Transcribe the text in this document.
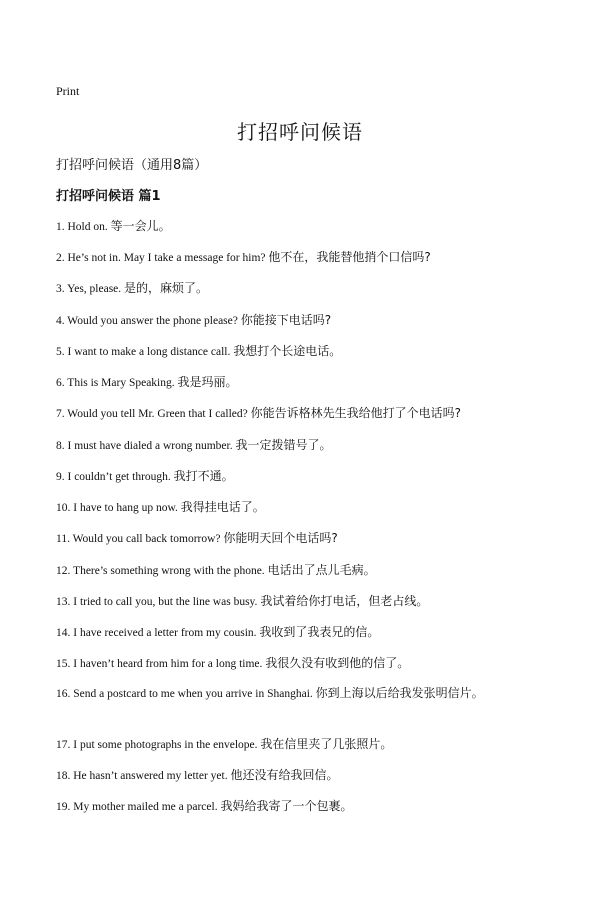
Print
打招呼问候语
打招呼问候语（通用8篇）
打招呼问候语 篇1
1. Hold on. 等一会儿。
2. He’s not in. May I take a message for him? 他不在，我能替他捎个口信吗?
3. Yes, please. 是的，麻烦了。
4. Would you answer the phone please? 你能接下电话吗?
5. I want to make a long distance call. 我想打个长途电话。
6. This is Mary Speaking. 我是玛丽。
7. Would you tell Mr. Green that I called? 你能告诉格林先生我给他打了个电话吗?
8. I must have dialed a wrong number. 我一定拨错号了。
9. I couldn’t get through. 我打不通。
10. I have to hang up now. 我得挂电话了。
11. Would you call back tomorrow? 你能明天回个电话吗?
12. There’s something wrong with the phone. 电话出了点儿毛病。
13. I tried to call you, but the line was busy. 我试着给你打电话，但老占线。
14. I have received a letter from my cousin. 我收到了我表兄的信。
15. I haven’t heard from him for a long time. 我很久没有收到他的信了。
16. Send a postcard to me when you arrive in Shanghai. 你到上海以后给我发张明信片。
17. I put some photographs in the envelope. 我在信里夹了几张照片。
18. He hasn’t answered my letter yet. 他还没有给我回信。
19. My mother mailed me a parcel. 我妈给我寄了一个包裹。
